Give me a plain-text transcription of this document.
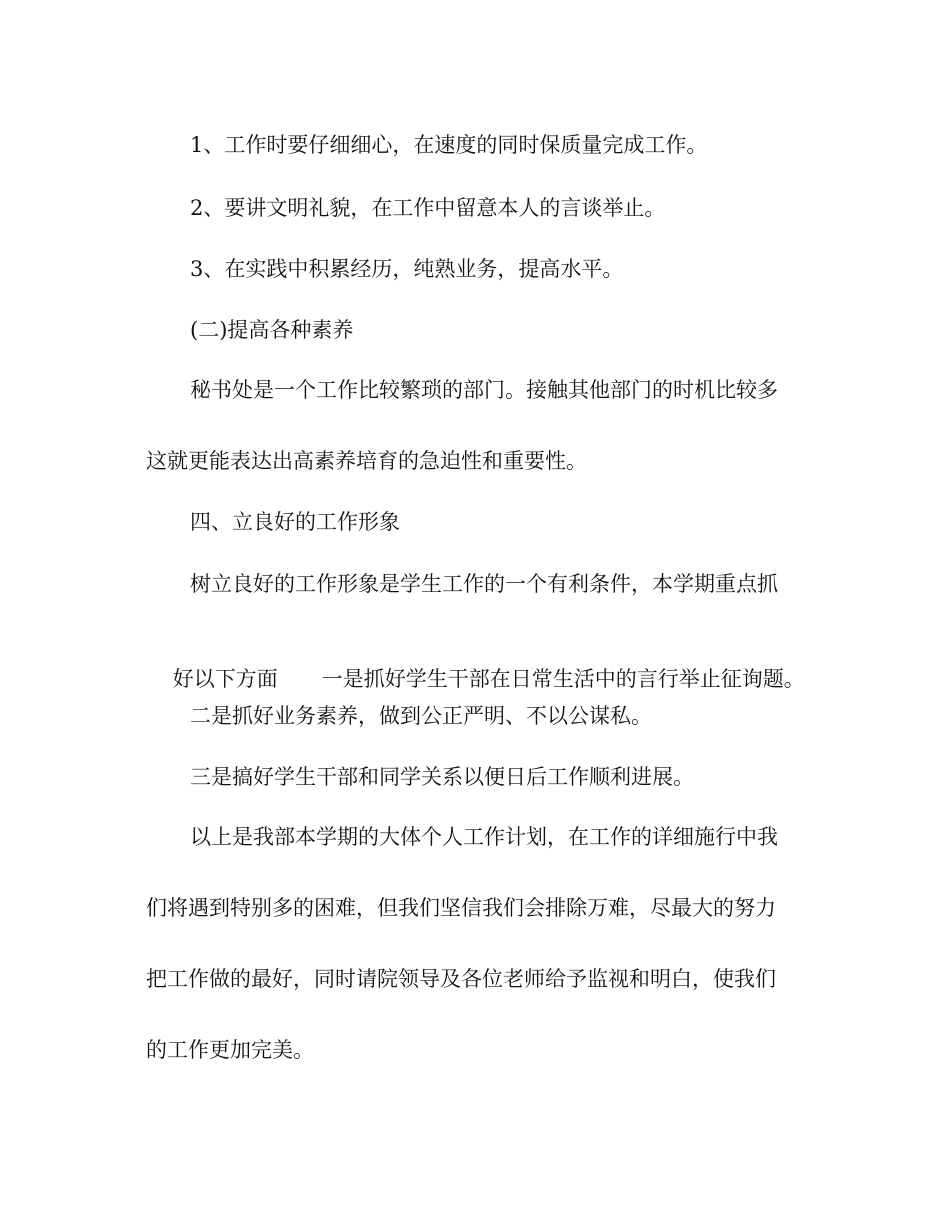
1、工作时要仔细细心，在速度的同时保质量完成工作。
2、要讲文明礼貌，在工作中留意本人的言谈举止。
3、在实践中积累经历，纯熟业务，提高水平。
(二)提高各种素养
秘书处是一个工作比较繁琐的部门。接触其他部门的时机比较多
这就更能表达出高素养培育的急迫性和重要性。
四、立良好的工作形象
树立良好的工作形象是学生工作的一个有利条件，本学期重点抓

好以下方面 一是抓好学生干部在日常生活中的言行举止征询题。

二是抓好业务素养，做到公正严明、不以公谋私。
三是搞好学生干部和同学关系以便日后工作顺利进展。
以上是我部本学期的大体个人工作计划，在工作的详细施行中我
们将遇到特别多的困难，但我们坚信我们会排除万难，尽最大的努力
把工作做的最好，同时请院领导及各位老师给予监视和明白，使我们
的工作更加完美。
